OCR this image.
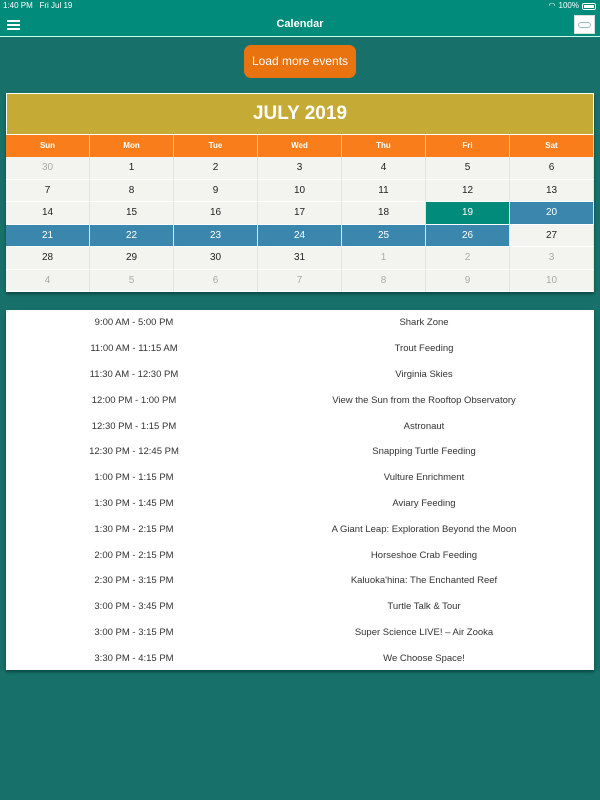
1:40 PM Fri Jul 19	◠ 100%
Calendar
Load more events
JULY 2019
Sun	Mon	Tue	Wed	Thu	Fri	Sat
30	1	2	3	4	5	6
7	8	9	10	11	12	13
14	15	16	17	18	19	20
21	22	23	24	25	26	27
28	29	30	31	1	2	3
4	5	6	7	8	9	10
9:00 AM - 5:00 PM	Shark Zone
11:00 AM - 11:15 AM	Trout Feeding
11:30 AM - 12:30 PM	Virginia Skies
12:00 PM - 1:00 PM	View the Sun from the Rooftop Observatory
12:30 PM - 1:15 PM	Astronaut
12:30 PM - 12:45 PM	Snapping Turtle Feeding
1:00 PM - 1:15 PM	Vulture Enrichment
1:30 PM - 1:45 PM	Aviary Feeding
1:30 PM - 2:15 PM	A Giant Leap: Exploration Beyond the Moon
2:00 PM - 2:15 PM	Horseshoe Crab Feeding
2:30 PM - 3:15 PM	Kaluoka'hina: The Enchanted Reef
3:00 PM - 3:45 PM	Turtle Talk & Tour
3:00 PM - 3:15 PM	Super Science LIVE! – Air Zooka
3:30 PM - 4:15 PM	We Choose Space!
